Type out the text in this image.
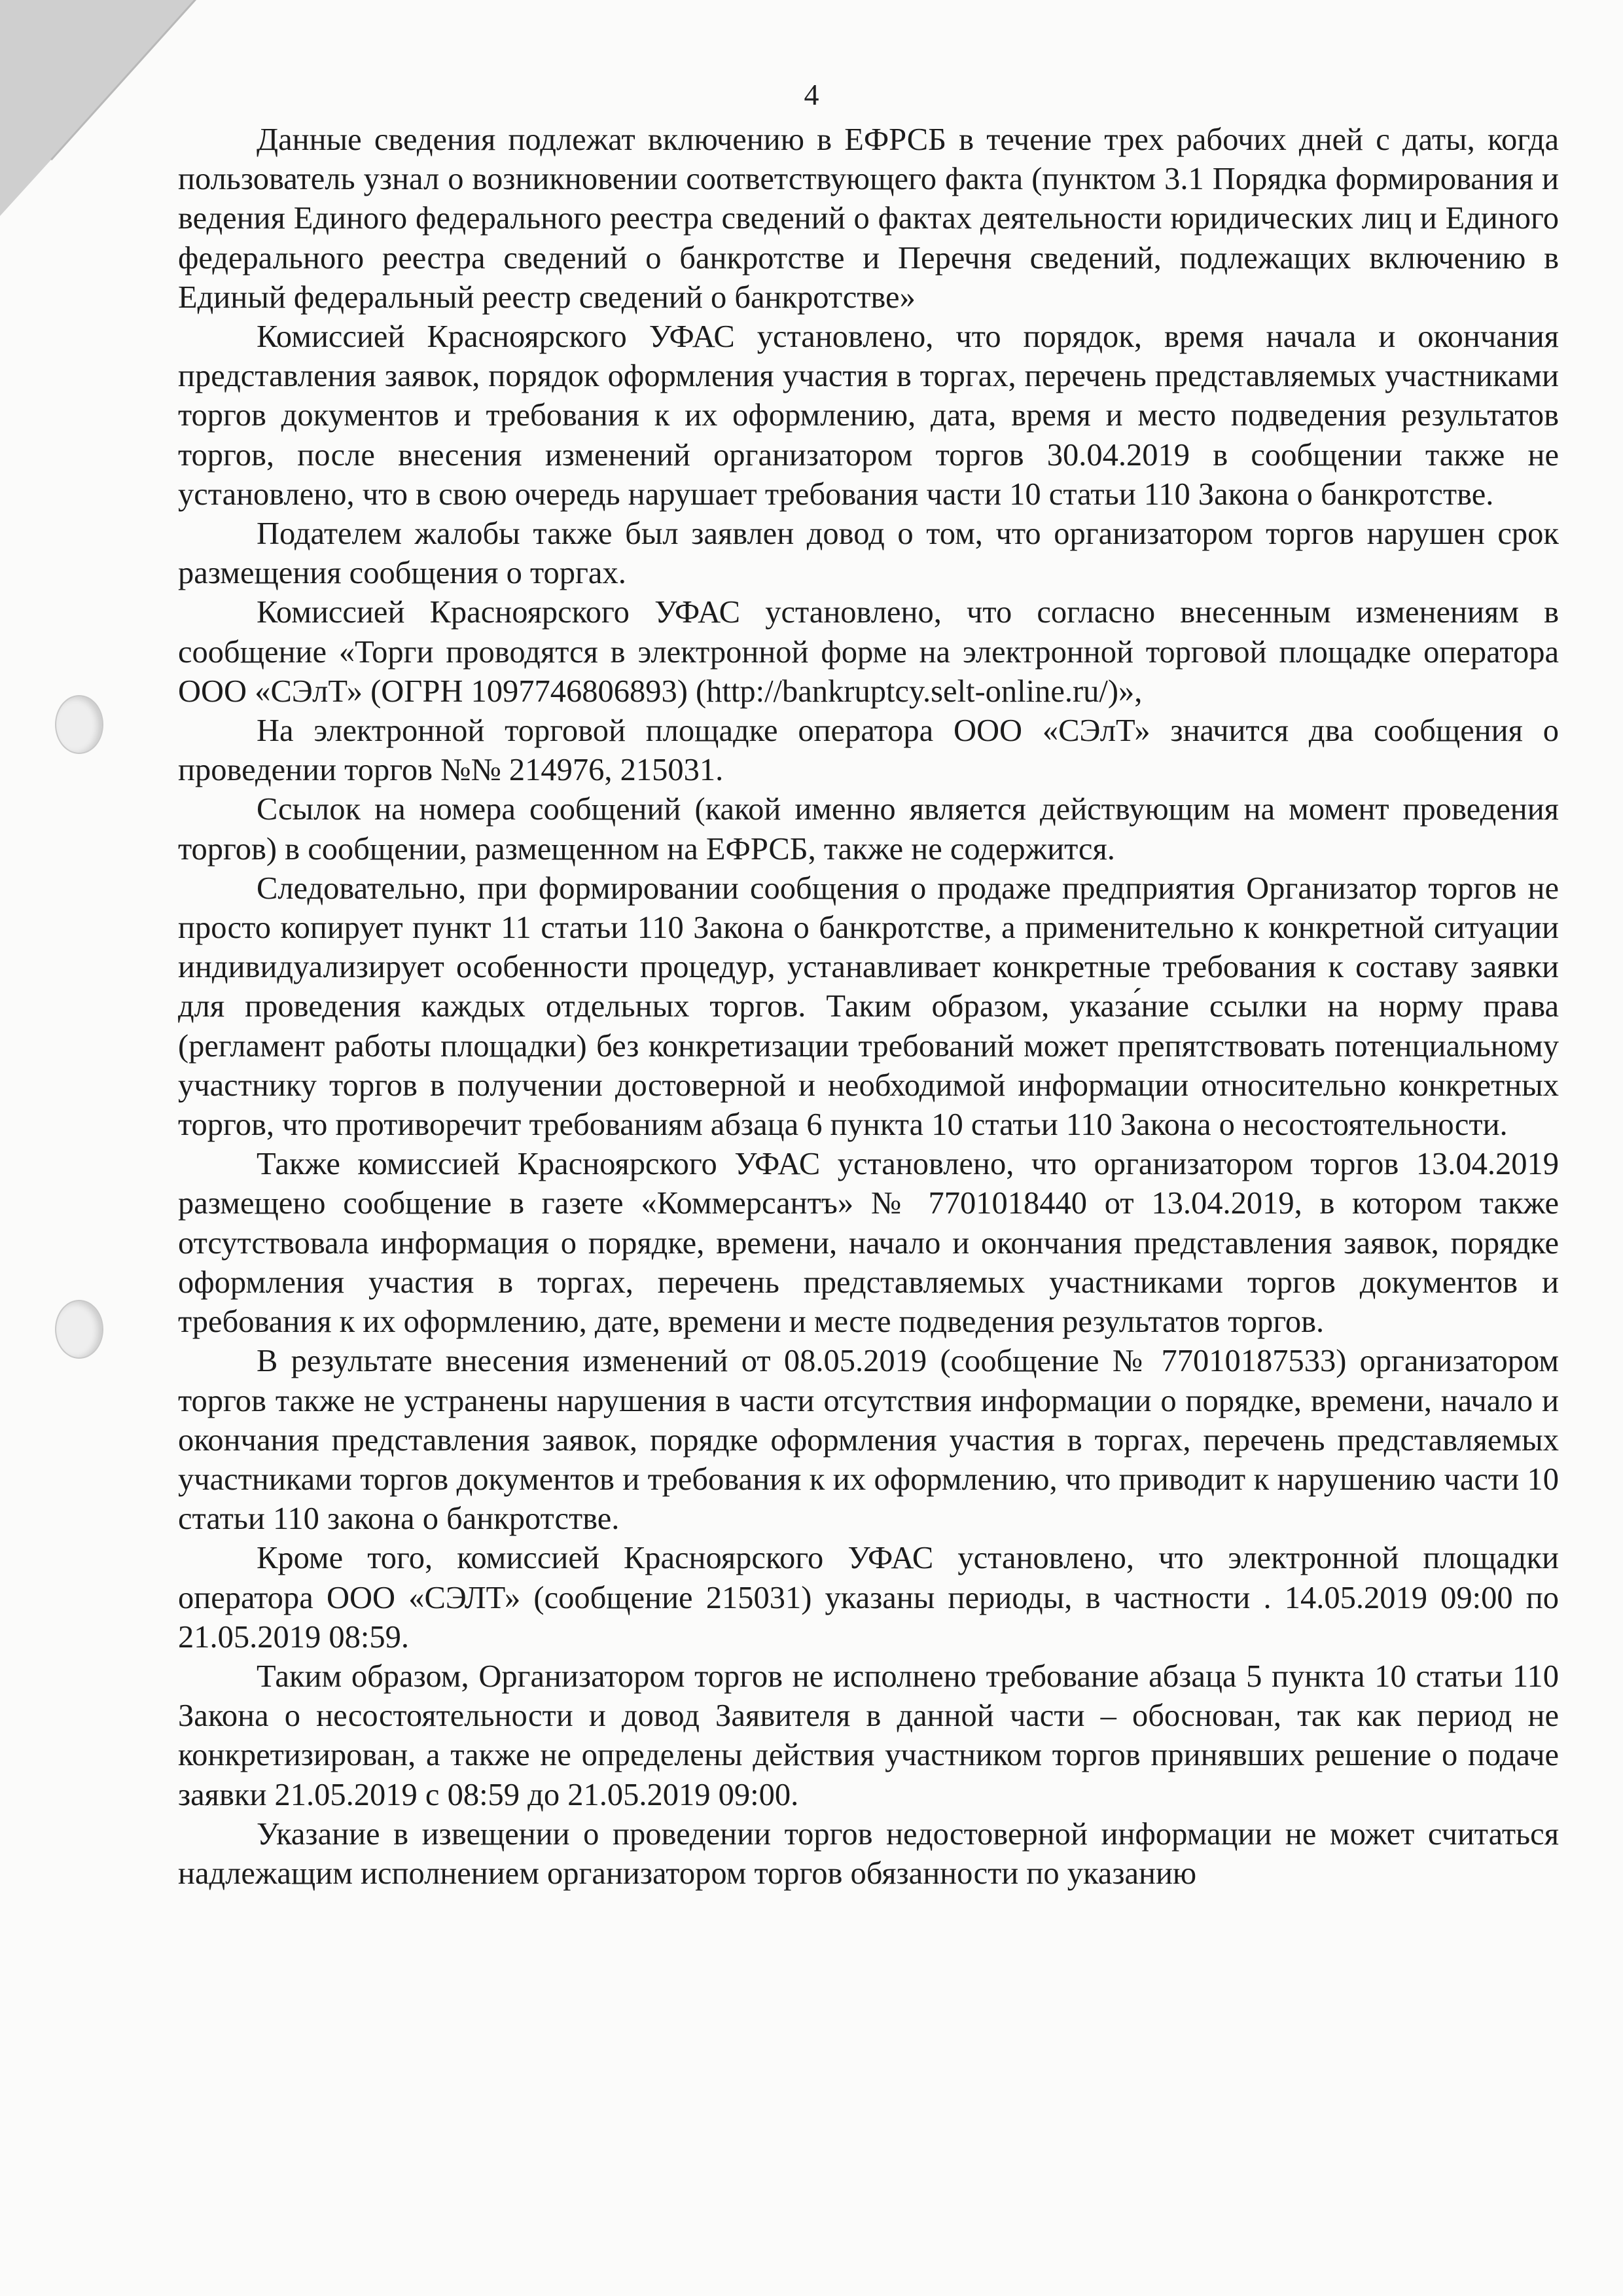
4

Данные сведения подлежат включению в ЕФРСБ в течение трех рабочих дней с даты, когда пользователь узнал о возникновении соответствующего факта (пунктом 3.1 Порядка формирования и ведения Единого федерального реестра сведений о фактах деятельности юридических лиц и Единого федерального реестра сведений о банкротстве и Перечня сведений, подлежащих включению в Единый федеральный реестр сведений о банкротстве»

Комиссией Красноярского УФАС установлено, что порядок, время начала и окончания представления заявок, порядок оформления участия в торгах, перечень представляемых участниками торгов документов и требования к их оформлению, дата, время и место подведения результатов торгов, после внесения изменений организатором торгов 30.04.2019 в сообщении также не установлено, что в свою очередь нарушает требования части 10 статьи 110 Закона о банкротстве.

Подателем жалобы также был заявлен довод о том, что организатором торгов нарушен срок размещения сообщения о торгах.

Комиссией Красноярского УФАС установлено, что согласно внесенным изменениям в сообщение «Торги проводятся в электронной форме на электронной торговой площадке оператора ООО «СЭлТ» (ОГРН 1097746806893) (http://bankruptcy.selt-online.ru/)»,

На электронной торговой площадке оператора ООО «СЭлТ» значится два сообщения о проведении торгов №№ 214976, 215031.

Ссылок на номера сообщений (какой именно является действующим на момент проведения торгов) в сообщении, размещенном на ЕФРСБ, также не содержится.

Следовательно, при формировании сообщения о продаже предприятия Организатор торгов не просто копирует пункт 11 статьи 110 Закона о банкротстве, а применительно к конкретной ситуации индивидуализирует особенности процедур, устанавливает конкретные требования к составу заявки для проведения каждых отдельных торгов. Таким образом, указа́ние ссылки на норму права (регламент работы площадки) без конкретизации требований может препятствовать потенциальному участнику торгов в получении достоверной и необходимой информации относительно конкретных торгов, что противоречит требованиям абзаца 6 пункта 10 статьи 110 Закона о несостоятельности.

Также комиссией Красноярского УФАС установлено, что организатором торгов 13.04.2019 размещено сообщение в газете «Коммерсантъ» № 7701018440 от 13.04.2019, в котором также отсутствовала информация о порядке, времени, начало и окончания представления заявок, порядке оформления участия в торгах, перечень представляемых участниками торгов документов и требования к их оформлению, дате, времени и месте подведения результатов торгов.

В результате внесения изменений от 08.05.2019 (сообщение № 77010187533) организатором торгов также не устранены нарушения в части отсутствия информации о порядке, времени, начало и окончания представления заявок, порядке оформления участия в торгах, перечень представляемых участниками торгов документов и требования к их оформлению, что приводит к нарушению части 10 статьи 110 закона о банкротстве.

Кроме того, комиссией Красноярского УФАС установлено, что электронной площадки оператора ООО «СЭЛТ» (сообщение 215031) указаны периоды, в частности . 14.05.2019 09:00 по 21.05.2019 08:59.

Таким образом, Организатором торгов не исполнено требование абзаца 5 пункта 10 статьи 110 Закона о несостоятельности и довод Заявителя в данной части – обоснован, так как период не конкретизирован, а также не определены действия участником торгов принявших решение о подаче заявки 21.05.2019 с 08:59 до 21.05.2019 09:00.

Указание в извещении о проведении торгов недостоверной информации не может считаться надлежащим исполнением организатором торгов обязанности по указанию
